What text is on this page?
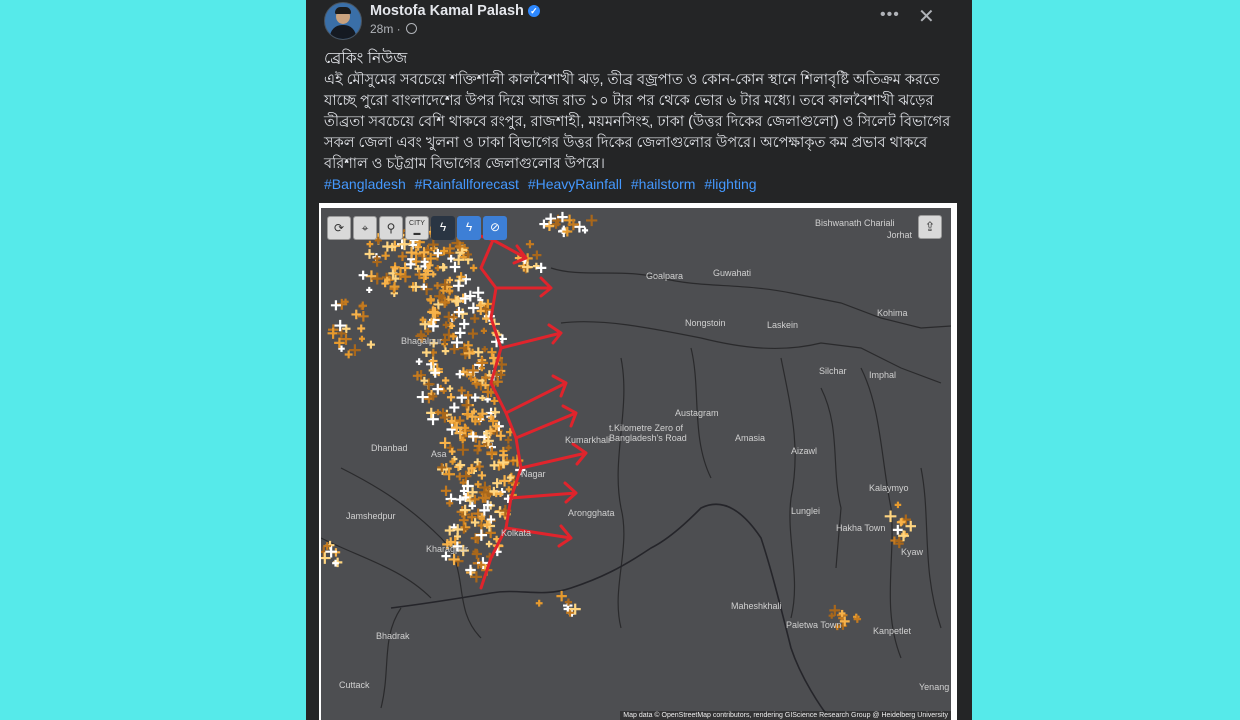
Mostofa Kamal Palash ✓
28m ·
••• ✕
ব্রেকিং নিউজ
এই মৌসুমের সবচেয়ে শক্তিশালী কালবৈশাখী ঝড়, তীব্র বজ্রপাত ও কোন-কোন স্থানে শিলাবৃষ্টি অতিক্রম করতে যাচ্ছে পুরো বাংলাদেশের উপর দিয়ে আজ রাত ১০ টার পর থেকে ভোর ৬ টার মধ্যে। তবে কালবৈশাখী ঝড়ের তীব্রতা সবচেয়ে বেশি থাকবে রংপুর, রাজশাহী, ময়মনসিংহ, ঢাকা (উত্তর দিকের জেলাগুলো) ও সিলেট বিভাগের সকল জেলা এবং খুলনা ও ঢাকা বিভাগের উত্তর দিকের জেলাগুলোর উপরে। অপেক্ষাকৃত কম প্রভাব থাকবে বরিশাল ও চট্টগ্রাম বিভাগের জেলাগুলোর উপরে।
#Bangladesh #Rainfallforecast #HeavyRainfall #hailstorm #lighting
⟳	⌖	⚲	CITY
▬	ϟ	ϟ	⊘	⇪
Bishwanath Chariali
Jorhat
Goalpara	Guwahati
Nongstoin	Laskein
Kohima
Silchar Imphal
Austagram
Kumarkhali
t.Kilometre Zero of Bangladesh's Road	Amasia
Aizawl
Dhanbad
Asa
Nagar
Jamshedpur	Arongghata	Lunglei
Hakha Town
Kalaymyo
Kolkata
Kharagpur	Kyaw
Maheshkhali
Paletwa Town
Kanpetlet
Bhadrak
Cuttack	Yenang
Bhagalpur
Map data © OpenStreetMap contributors, rendering GIScience Research Group @ Heidelberg University
